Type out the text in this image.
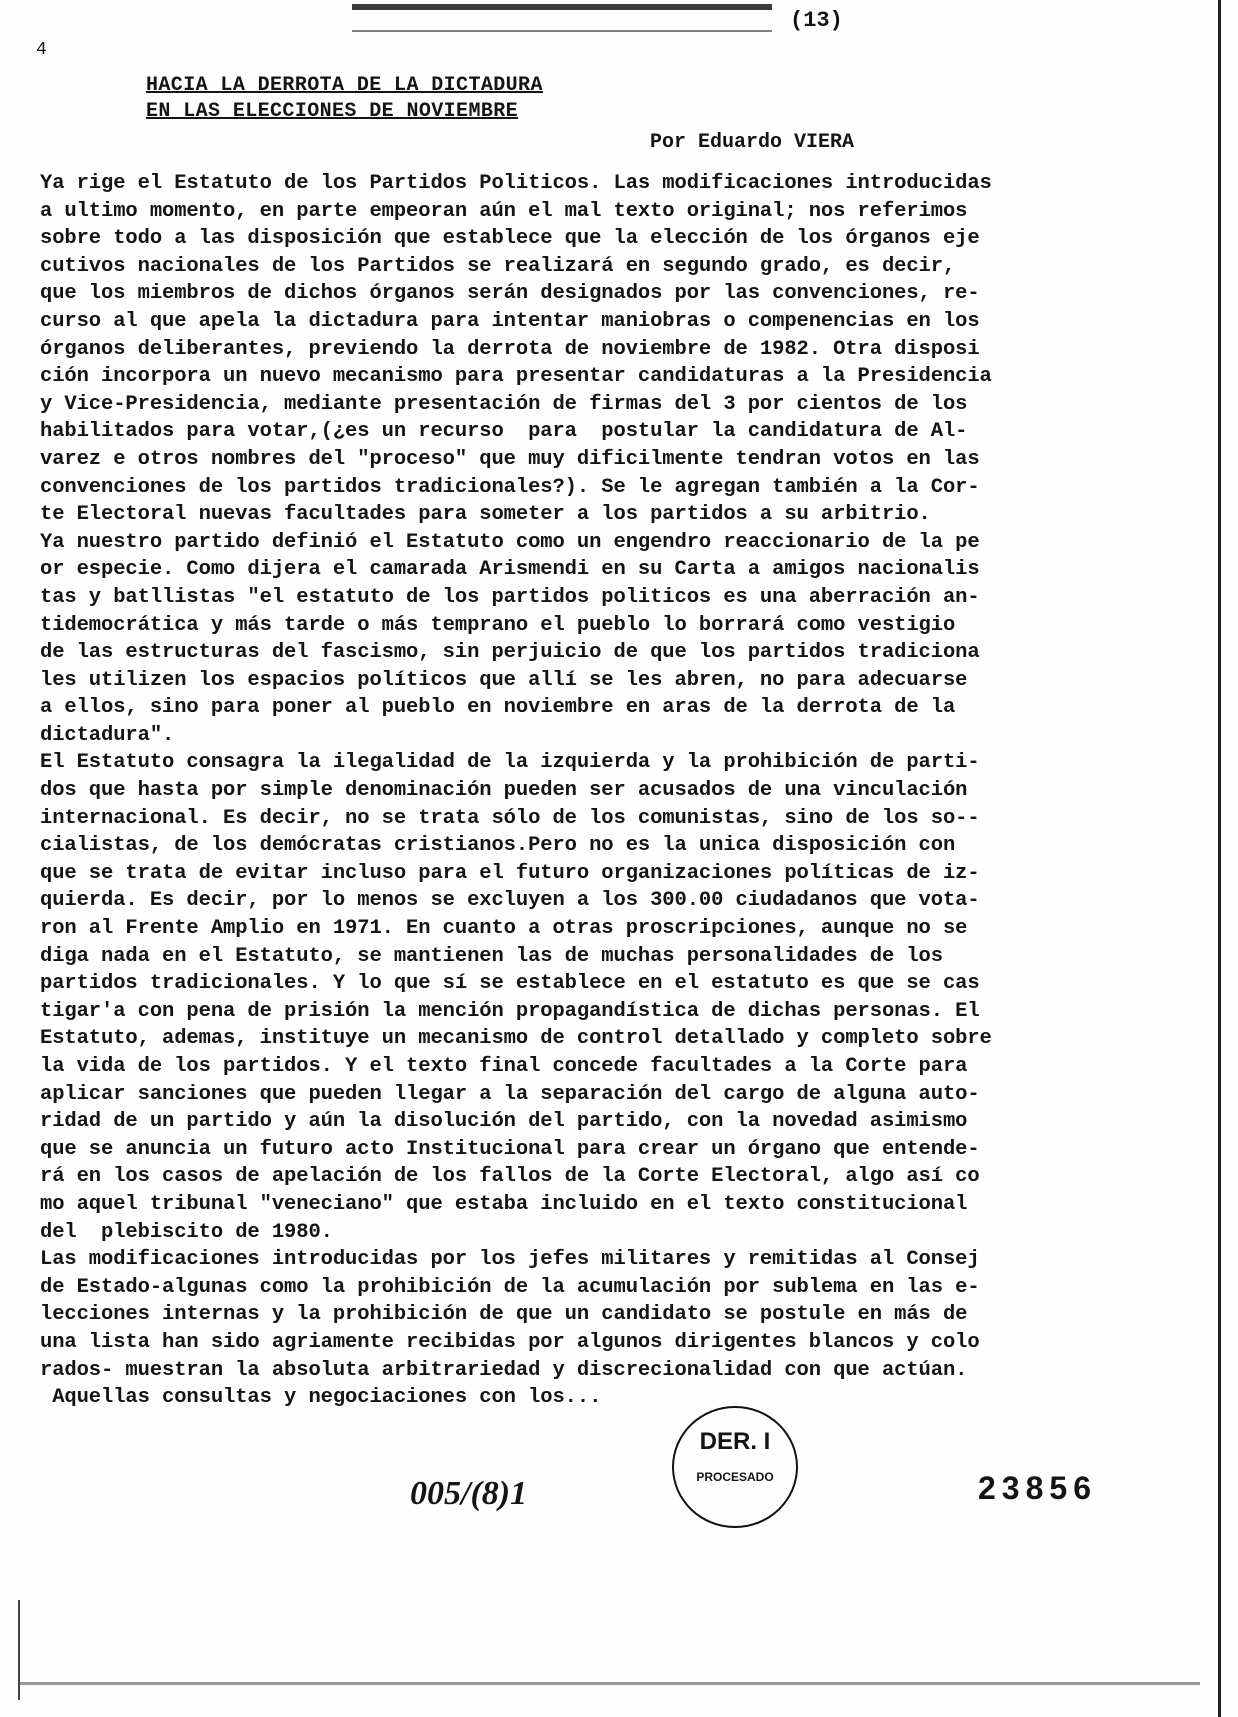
(13)
4
HACIA LA DERROTA DE LA DICTADURA
EN LAS ELECCIONES DE NOVIEMBRE
Por Eduardo VIERA
Ya rige el Estatuto de los Partidos Politicos. Las modificaciones introducidas
a ultimo momento, en parte empeoran aún el mal texto original; nos referimos
sobre todo a las disposición que establece que la elección de los órganos eje
cutivos nacionales de los Partidos se realizará en segundo grado, es decir,
que los miembros de dichos órganos serán designados por las convenciones, re-
curso al que apela la dictadura para intentar maniobras o compenencias en los
órganos deliberantes, previendo la derrota de noviembre de 1982. Otra disposi
ción incorpora un nuevo mecanismo para presentar candidaturas a la Presidencia
y Vice-Presidencia, mediante presentación de firmas del 3 por cientos de los
habilitados para votar,(¿es un recurso  para  postular la candidatura de Al-
varez e otros nombres del "proceso" que muy dificilmente tendran votos en las
convenciones de los partidos tradicionales?). Se le agregan también a la Cor-
te Electoral nuevas facultades para someter a los partidos a su arbitrio.
Ya nuestro partido definió el Estatuto como un engendro reaccionario de la pe
or especie. Como dijera el camarada Arismendi en su Carta a amigos nacionalis
tas y batllistas "el estatuto de los partidos politicos es una aberración an-
tidemocrática y más tarde o más temprano el pueblo lo borrará como vestigio
de las estructuras del fascismo, sin perjuicio de que los partidos tradiciona
les utilizen los espacios políticos que allí se les abren, no para adecuarse
a ellos, sino para poner al pueblo en noviembre en aras de la derrota de la
dictadura".
El Estatuto consagra la ilegalidad de la izquierda y la prohibición de parti-
dos que hasta por simple denominación pueden ser acusados de una vinculación
internacional. Es decir, no se trata sólo de los comunistas, sino de los so--
cialistas, de los demócratas cristianos.Pero no es la unica disposición con
que se trata de evitar incluso para el futuro organizaciones políticas de iz-
quierda. Es decir, por lo menos se excluyen a los 300.00 ciudadanos que vota-
ron al Frente Amplio en 1971. En cuanto a otras proscripciones, aunque no se
diga nada en el Estatuto, se mantienen las de muchas personalidades de los
partidos tradicionales. Y lo que sí se establece en el estatuto es que se cas
tigar'a con pena de prisión la mención propagandística de dichas personas. El
Estatuto, ademas, instituye un mecanismo de control detallado y completo sobre
la vida de los partidos. Y el texto final concede facultades a la Corte para
aplicar sanciones que pueden llegar a la separación del cargo de alguna auto-
ridad de un partido y aún la disolución del partido, con la novedad asimismo
que se anuncia un futuro acto Institucional para crear un órgano que entende-
rá en los casos de apelación de los fallos de la Corte Electoral, algo así co
mo aquel tribunal "veneciano" que estaba incluido en el texto constitucional
del  plebiscito de 1980.
Las modificaciones introducidas por los jefes militares y remitidas al Consej
de Estado-algunas como la prohibición de la acumulación por sublema en las e-
lecciones internas y la prohibición de que un candidato se postule en más de
una lista han sido agriamente recibidas por algunos dirigentes blancos y colo
rados- muestran la absoluta arbitrariedad y discrecionalidad con que actúan.
Aquellas consultas y negociaciones con los...
005/(8)1
DER. I
PROCESADO	23856
